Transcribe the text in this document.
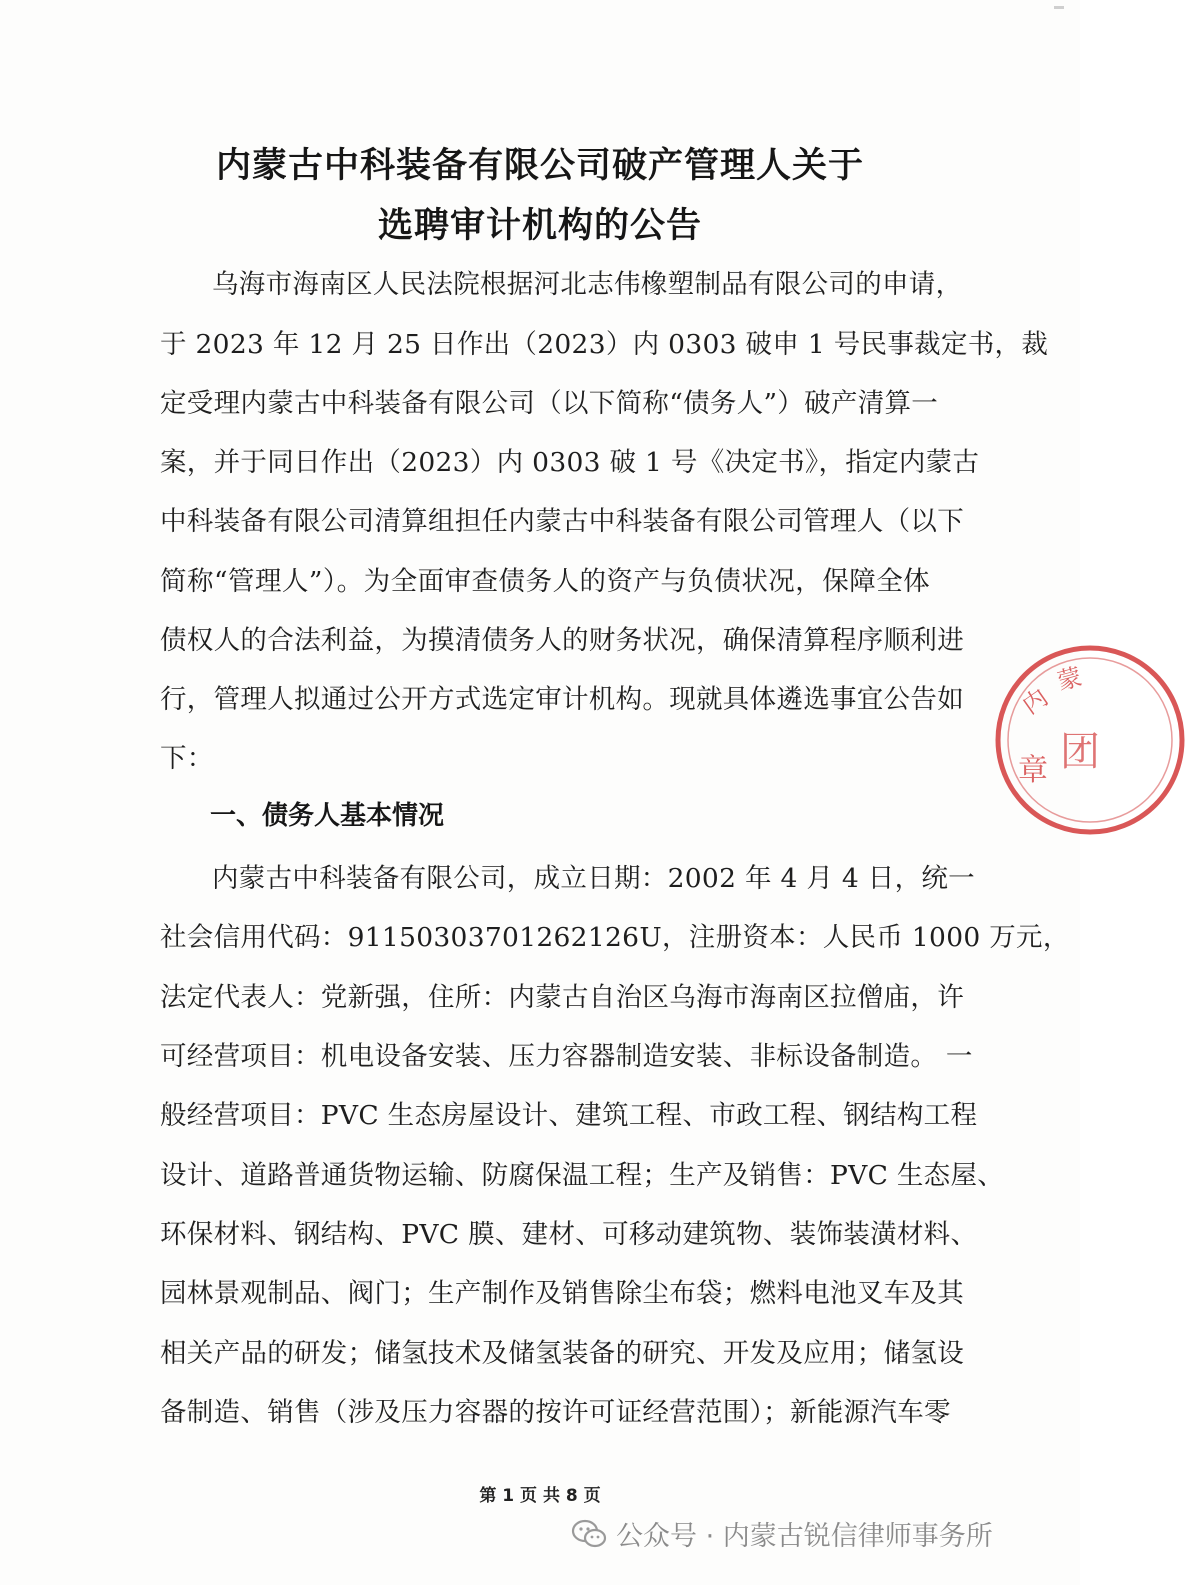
内蒙古中科装备有限公司破产管理人关于
选聘审计机构的公告
乌海市海南区人民法院根据河北志伟橡塑制品有限公司的申请，
于 2023 年 12 月 25 日作出（2023）内 0303 破申 1 号民事裁定书，裁
定受理内蒙古中科装备有限公司（以下简称“债务人”）破产清算一
案，并于同日作出（2023）内 0303 破 1 号《决定书》，指定内蒙古
中科装备有限公司清算组担任内蒙古中科装备有限公司管理人（以下
简称“管理人”）。为全面审查债务人的资产与负债状况，保障全体
债权人的合法利益，为摸清债务人的财务状况，确保清算程序顺利进
行，管理人拟通过公开方式选定审计机构。现就具体遴选事宜公告如
下：
一、债务人基本情况
内蒙古中科装备有限公司，成立日期：2002 年 4 月 4 日，统一
社会信用代码：91150303701262126U，注册资本：人民币 1000 万元，
法定代表人：党新强，住所：内蒙古自治区乌海市海南区拉僧庙，许
可经营项目：机电设备安装、压力容器制造安装、非标设备制造。 一
般经营项目：PVC 生态房屋设计、建筑工程、市政工程、钢结构工程
设计、道路普通货物运输、防腐保温工程；生产及销售：PVC 生态屋、
环保材料、钢结构、PVC 膜、建材、可移动建筑物、装饰装潢材料、
园林景观制品、阀门；生产制作及销售除尘布袋；燃料电池叉车及其
相关产品的研发；储氢技术及储氢装备的研究、开发及应用；储氢设
备制造、销售（涉及压力容器的按许可证经营范围）；新能源汽车零
第 1 页 共 8 页
内
蒙
章 团
公众号 · 内蒙古锐信律师事务所
